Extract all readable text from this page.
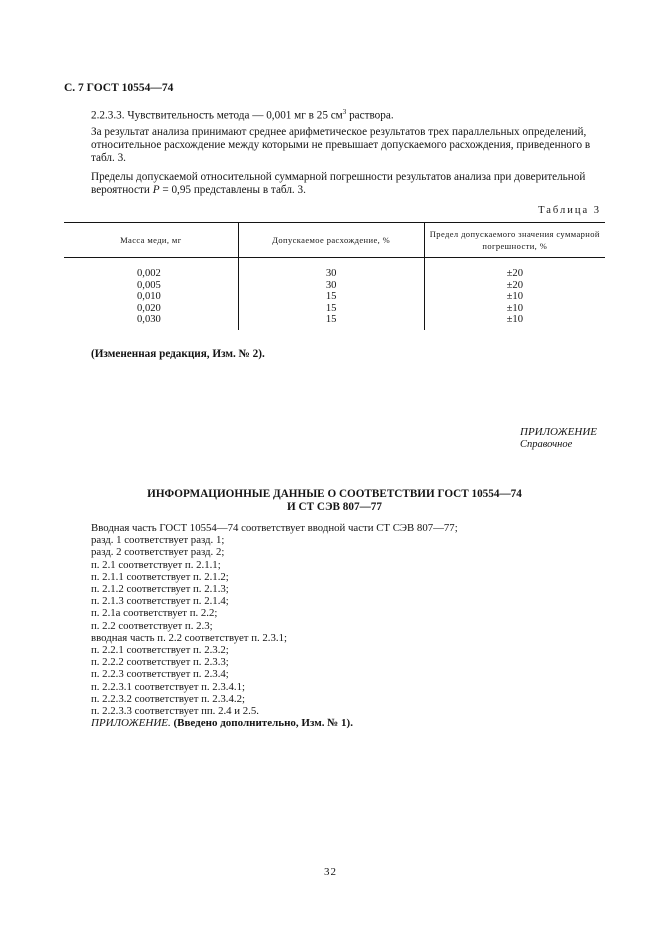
С. 7 ГОСТ 10554—74

2.2.3.3. Чувствительность метода — 0,001 мг в 25 $см^3$ раствора.

За результат анализа принимают среднее арифметическое результатов трех параллельных определений, относительное расхождение между которыми не превышает допускаемого расхождения, приведенного в табл. 3.

Пределы допускаемой относительной суммарной погрешности результатов анализа при доверительной вероятности P = 0,95 представлены в табл. 3.

Таблица 3
Масса меди, мг	Допускаемое расхождение, %	Предел допускаемого значения суммарной погрешности, %
0,002	30	±20
0,005	30	±20
0,010	15	±10
0,020	15	±10
0,030	15	±10
(Измененная редакция, Изм. № 2).
ПРИЛОЖЕНИЕ
Справочное
ИНФОРМАЦИОННЫЕ ДАННЫЕ О СООТВЕТСТВИИ ГОСТ 10554—74
И СТ СЭВ 807—77
Вводная часть ГОСТ 10554—74 соответствует вводной части СТ СЭВ 807—77;
разд. 1 соответствует разд. 1;
разд. 2 соответствует разд. 2;
п. 2.1 соответствует п. 2.1.1;
п. 2.1.1 соответствует п. 2.1.2;
п. 2.1.2 соответствует п. 2.1.3;
п. 2.1.3 соответствует п. 2.1.4;
п. 2.1а соответствует п. 2.2;
п. 2.2 соответствует п. 2.3;
вводная часть п. 2.2 соответствует п. 2.3.1;
п. 2.2.1 соответствует п. 2.3.2;
п. 2.2.2 соответствует п. 2.3.3;
п. 2.2.3 соответствует п. 2.3.4;
п. 2.2.3.1 соответствует п. 2.3.4.1;
п. 2.2.3.2 соответствует п. 2.3.4.2;
п. 2.2.3.3 соответствует пп. 2.4 и 2.5.
ПРИЛОЖЕНИЕ. (Введено дополнительно, Изм. № 1).
32
